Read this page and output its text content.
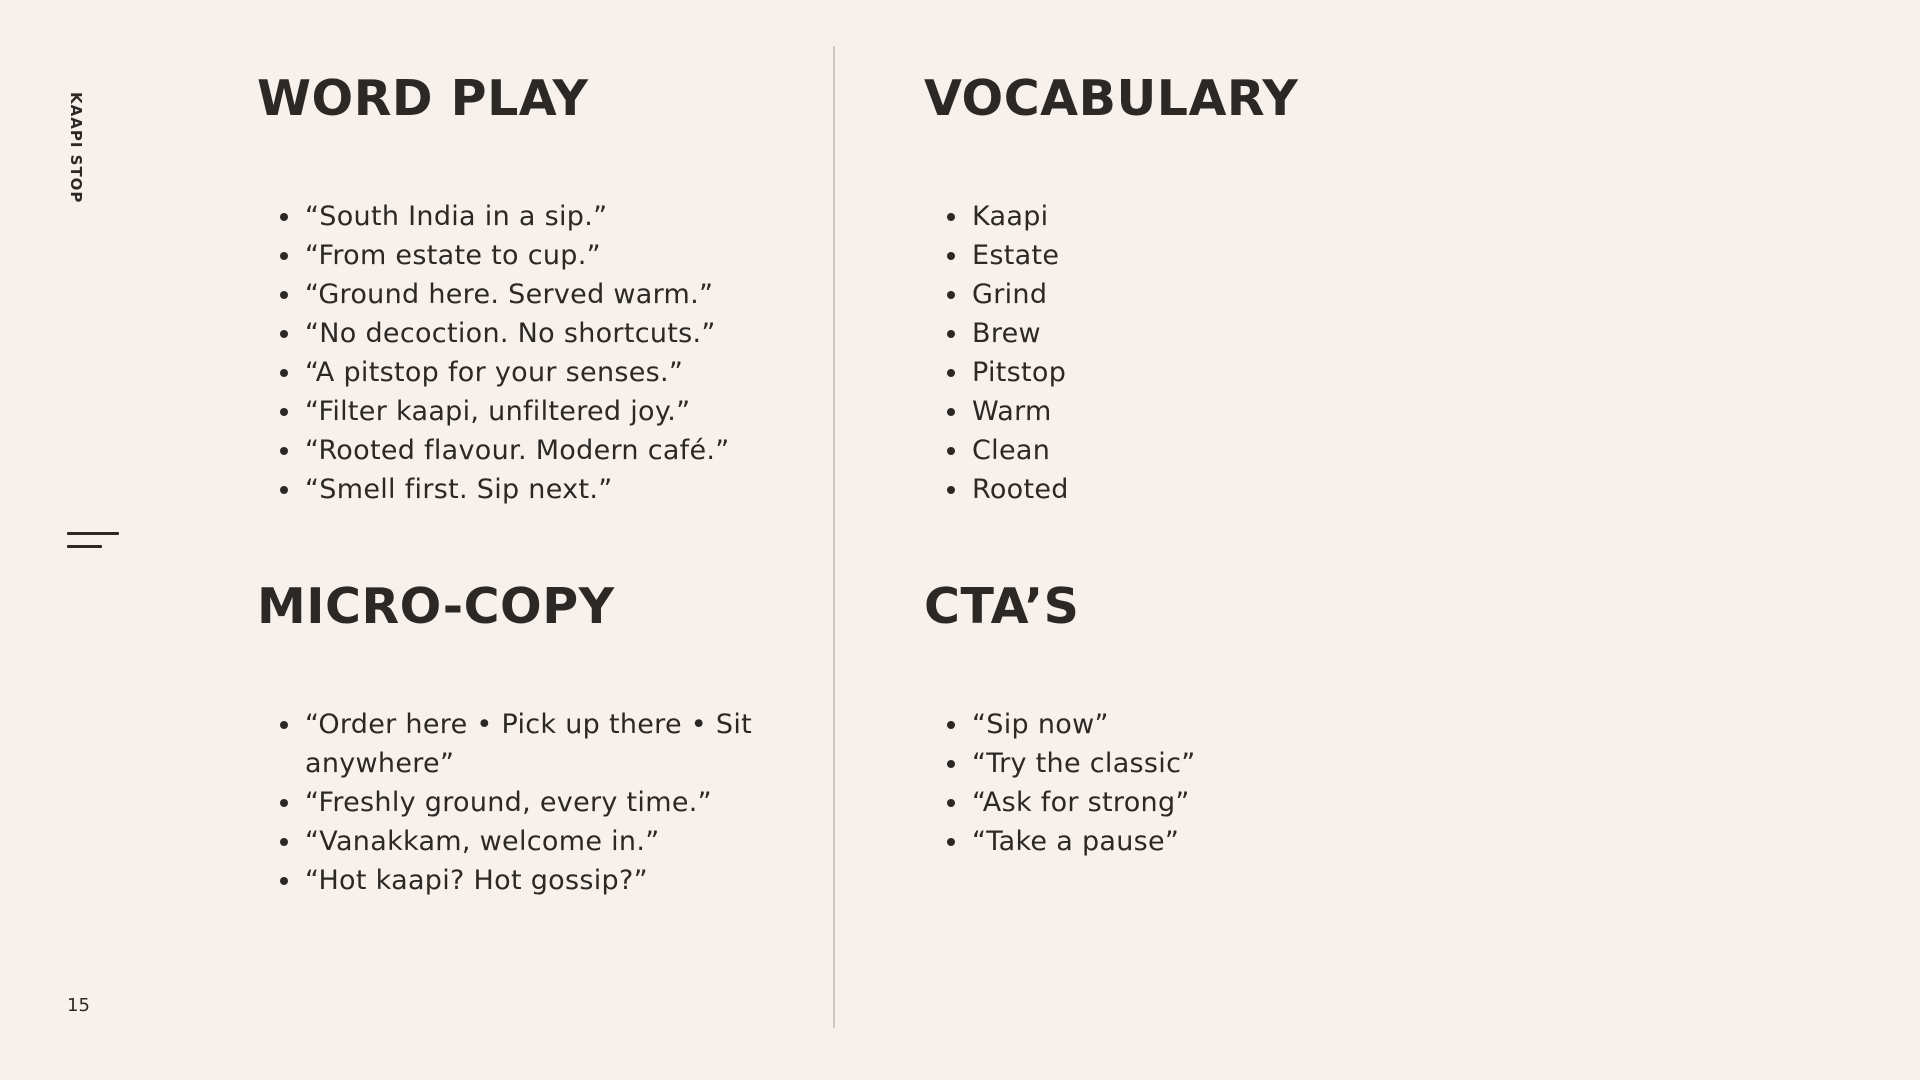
KAAPI STOP
15
WORD PLAY
“South India in a sip.”
“From estate to cup.”
“Ground here. Served warm.”
“No decoction. No shortcuts.”
“A pitstop for your senses.”
“Filter kaapi, unfiltered joy.”
“Rooted flavour. Modern café.”
“Smell first. Sip next.”
VOCABULARY
Kaapi
Estate
Grind
Brew
Pitstop
Warm
Clean
Rooted
MICRO-COPY
“Order here • Pick up there • Sit anywhere”
“Freshly ground, every time.”
“Vanakkam, welcome in.”
“Hot kaapi? Hot gossip?”
CTA’S
“Sip now”
“Try the classic”
“Ask for strong”
“Take a pause”
